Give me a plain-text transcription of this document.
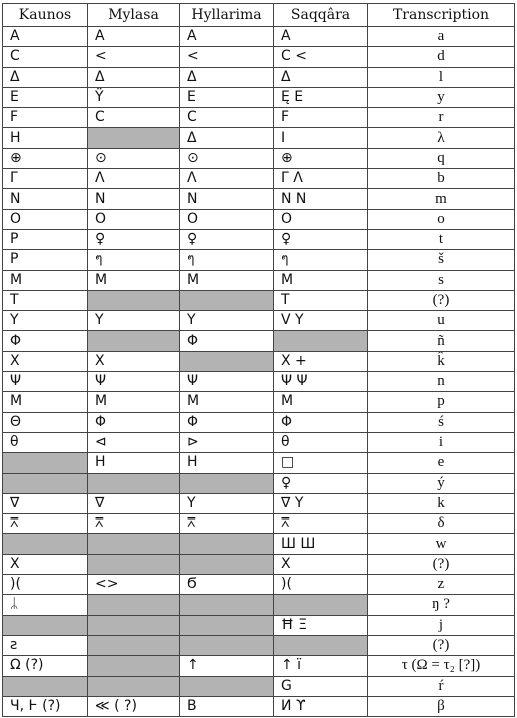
Kaunos	Mylasa	Hyllarima	Saqqâra	Transcription
Α	Α	Α	Α	a
C	<	<	C <	d
Δ	Δ	Δ	Δ	l
E	Ϋ	E	Ę E	y
F	Ϲ	Ϲ	F	r
H		Δ	I	λ
⊕	⊙	⊙	⊕	q
Γ	Λ	Λ	Γ Λ	b
Ν	Ν	Ν	Ν Ν	m
O	O	O	O	o
P	♀	♀	♀	t
Ρ	ๆ	ๆ	ๆ	š
M	M	M	M	s
T			T	(?)
Y	Y	Y	V Y	u
Φ		Φ		ñ
X	X		X +	k̂
Ψ	Ψ	Ψ	Ψ Ψ	n
M	M	M	M	p
Θ	Φ	Φ	Φ	ś
θ	⊲	⊳	θ	i
	H	H	□	e
			♀	ý
∇	∇	Y	∇ Y	k
⩞	⩞	⩞	⩞	δ
			Ш Ш	w
X			X	(?)
)(	<>	Ϭ	)(	z
ᛦ				ŋ ?
			Ħ Ξ	j
ƨ				(?)
Ω (?)		↑	↑ ï	τ (Ω = τ₂ [?])
			G	ŕ
Ч, Ͱ (?)	≪ ( ?)	B	Ͷ ϒ	β
